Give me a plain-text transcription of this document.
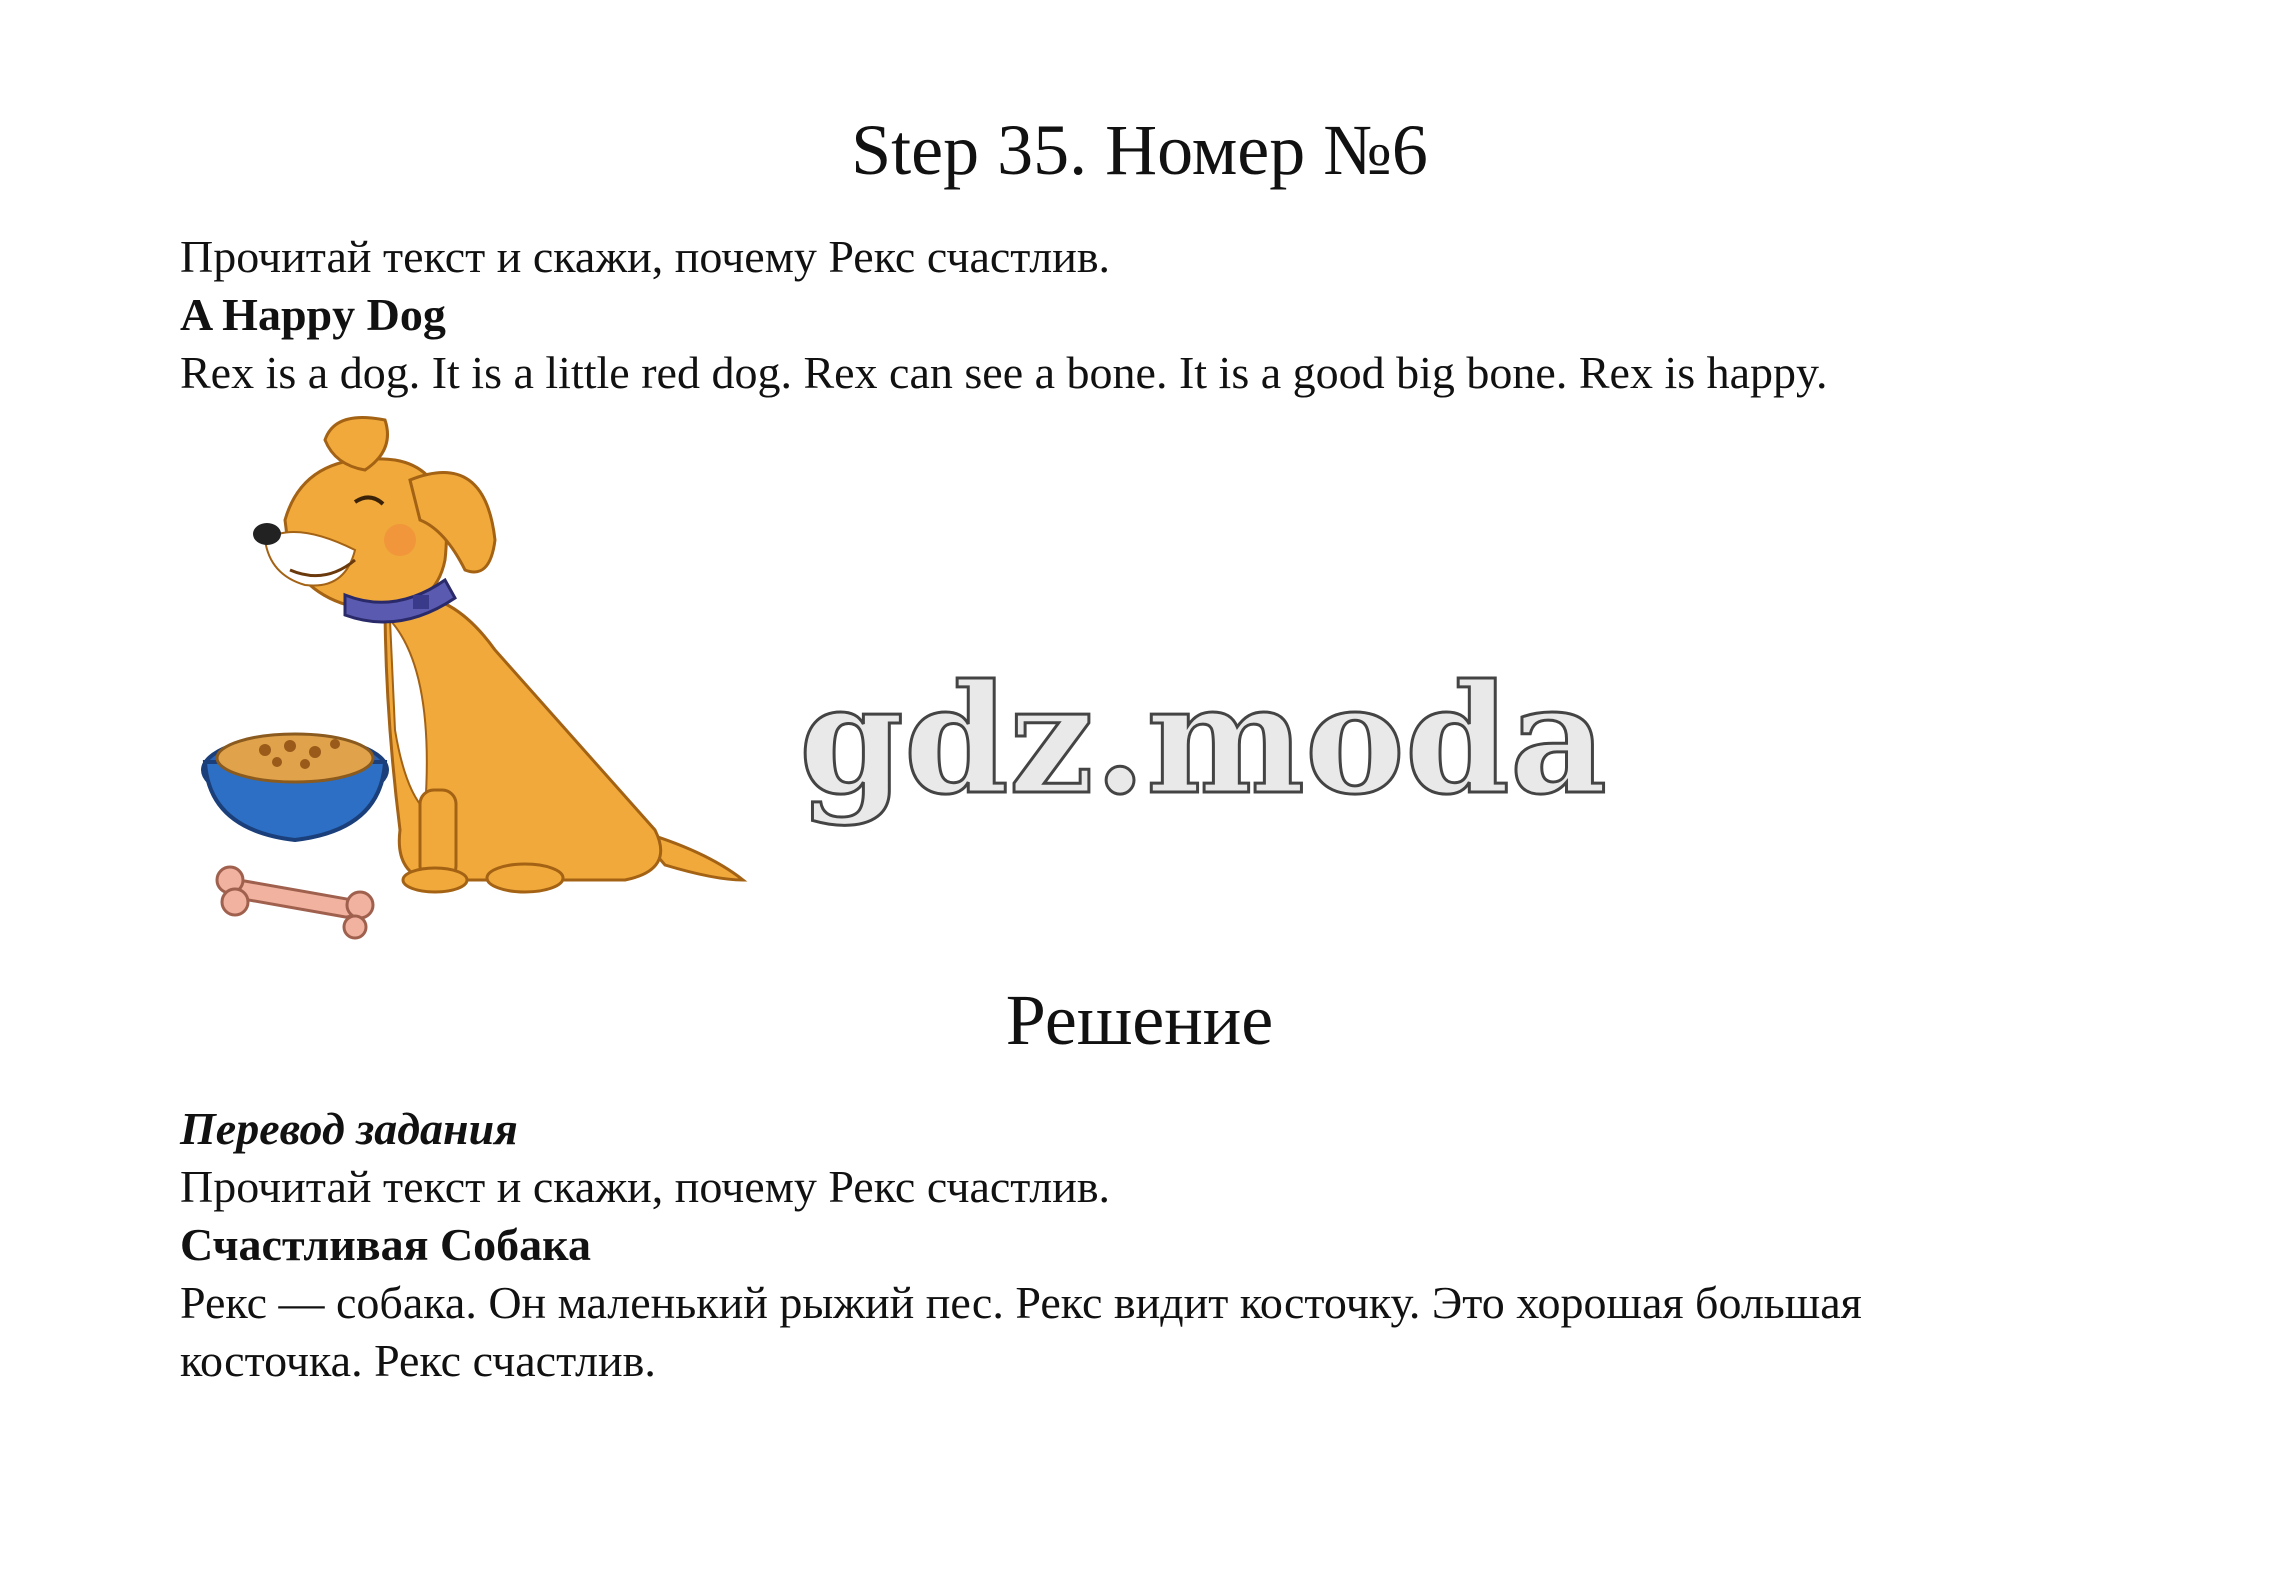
Step 35. Номер №6
Прочитай текст и скажи, почему Рекс счастлив.
A Happy Dog
Rex is a dog. It is a little red dog. Rex can see a bone. It is a good big bone. Rex is happy.
gdz.moda
Решение
Перевод задания
Прочитай текст и скажи, почему Рекс счастлив.
Счастливая Собака
Рекс — собака. Он маленький рыжий пес. Рекс видит косточку. Это хорошая большая
косточка. Рекс счастлив.
